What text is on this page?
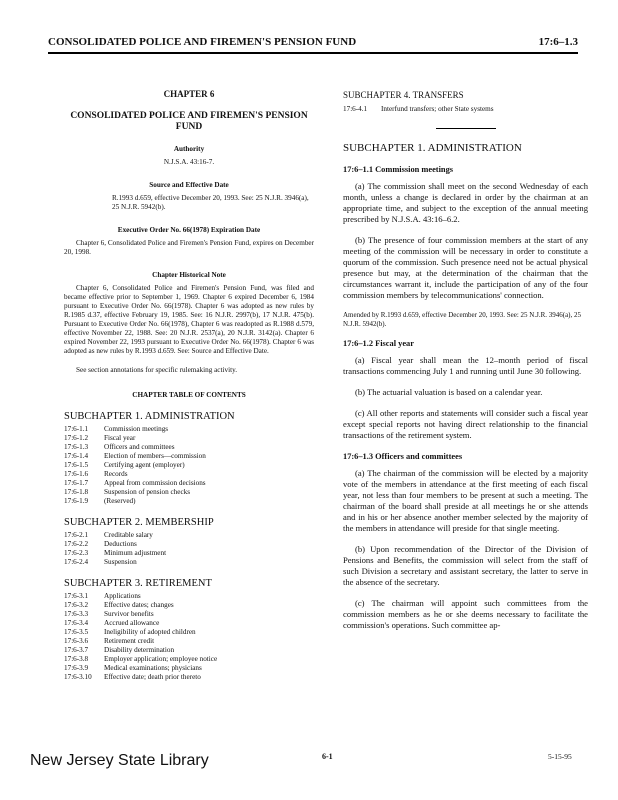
CONSOLIDATED POLICE AND FIREMEN'S PENSION FUND	17:6–1.3
CHAPTER 6
CONSOLIDATED POLICE AND FIREMEN'S PENSION FUND
Authority
N.J.S.A. 43:16-7.
Source and Effective Date
R.1993 d.659, effective December 20, 1993. See: 25 N.J.R. 3946(a), 25 N.J.R. 5942(b).
Executive Order No. 66(1978) Expiration Date
Chapter 6, Consolidated Police and Firemen's Pension Fund, expires on December 20, 1998.
Chapter Historical Note
Chapter 6, Consolidated Police and Firemen's Pension Fund, was filed and became effective prior to September 1, 1969. Chapter 6 expired December 6, 1984 pursuant to Executive Order No. 66(1978). Chapter 6 was adopted as new rules by R.1985 d.37, effective February 19, 1985. See: 16 N.J.R. 2997(b), 17 N.J.R. 475(b). Pursuant to Executive Order No. 66(1978), Chapter 6 was readopted as R.1988 d.579, effective November 22, 1988. See: 20 N.J.R. 2537(a), 20 N.J.R. 3142(a). Chapter 6 expired November 22, 1993 pursuant to Executive Order No. 66(1978). Chapter 6 was adopted as new rules by R.1993 d.659. See: Source and Effective Date.
See section annotations for specific rulemaking activity.
CHAPTER TABLE OF CONTENTS
SUBCHAPTER 1. ADMINISTRATION
17:6-1.1	Commission meetings
17:6-1.2	Fiscal year
17:6-1.3	Officers and committees
17:6-1.4	Election of members—commission
17:6-1.5	Certifying agent (employer)
17:6-1.6	Records
17:6-1.7	Appeal from commission decisions
17:6-1.8	Suspension of pension checks
17:6-1.9	(Reserved)
SUBCHAPTER 2. MEMBERSHIP
17:6-2.1	Creditable salary
17:6-2.2	Deductions
17:6-2.3	Minimum adjustment
17:6-2.4	Suspension
SUBCHAPTER 3. RETIREMENT
17:6-3.1	Applications
17:6-3.2	Effective dates; changes
17:6-3.3	Survivor benefits
17:6-3.4	Accrued allowance
17:6-3.5	Ineligibility of adopted children
17:6-3.6	Retirement credit
17:6-3.7	Disability determination
17:6-3.8	Employer application; employee notice
17:6-3.9	Medical examinations; physicians
17:6-3.10	Effective date; death prior thereto
SUBCHAPTER 4. TRANSFERS
17:6-4.1	Interfund transfers; other State systems
SUBCHAPTER 1. ADMINISTRATION
17:6–1.1 Commission meetings
(a) The commission shall meet on the second Wednesday of each month, unless a change is declared in order by the chairman at an appropriate time, and subject to the exception of the annual meeting prescribed by N.J.S.A. 43:16–6.2.
(b) The presence of four commission members at the start of any meeting of the commission will be necessary in order to constitute a quorum of the commission. Such presence need not be actual physical presence but may, at the determination of the chairman that the circumstances warrant it, include the participation of any of the four commission members by telecommunications' connection.
Amended by R.1993 d.659, effective December 20, 1993. See: 25 N.J.R. 3946(a), 25 N.J.R. 5942(b).
17:6–1.2 Fiscal year
(a) Fiscal year shall mean the 12–month period of fiscal transactions commencing July 1 and running until June 30 following.
(b) The actuarial valuation is based on a calendar year.
(c) All other reports and statements will consider such a fiscal year except special reports not having direct relationship to the financial transactions of the retirement system.
17:6–1.3 Officers and committees
(a) The chairman of the commission will be elected by a majority vote of the members in attendance at the first meeting of each fiscal year, not less than four members to be present at such a meeting. The chairman of the board shall preside at all meetings he or she attends and in his or her absence another member selected by the majority of the members in attendance will preside for that single meeting.
(b) Upon recommendation of the Director of the Division of Pensions and Benefits, the commission will select from the staff of such Division a secretary and assistant secretary, the latter to serve in the absence of the secretary.
(c) The chairman will appoint such committees from the commission members as he or she deems necessary to facilitate the commission's operations. Such committee ap-
New Jersey State Library	6-1	5-15-95
